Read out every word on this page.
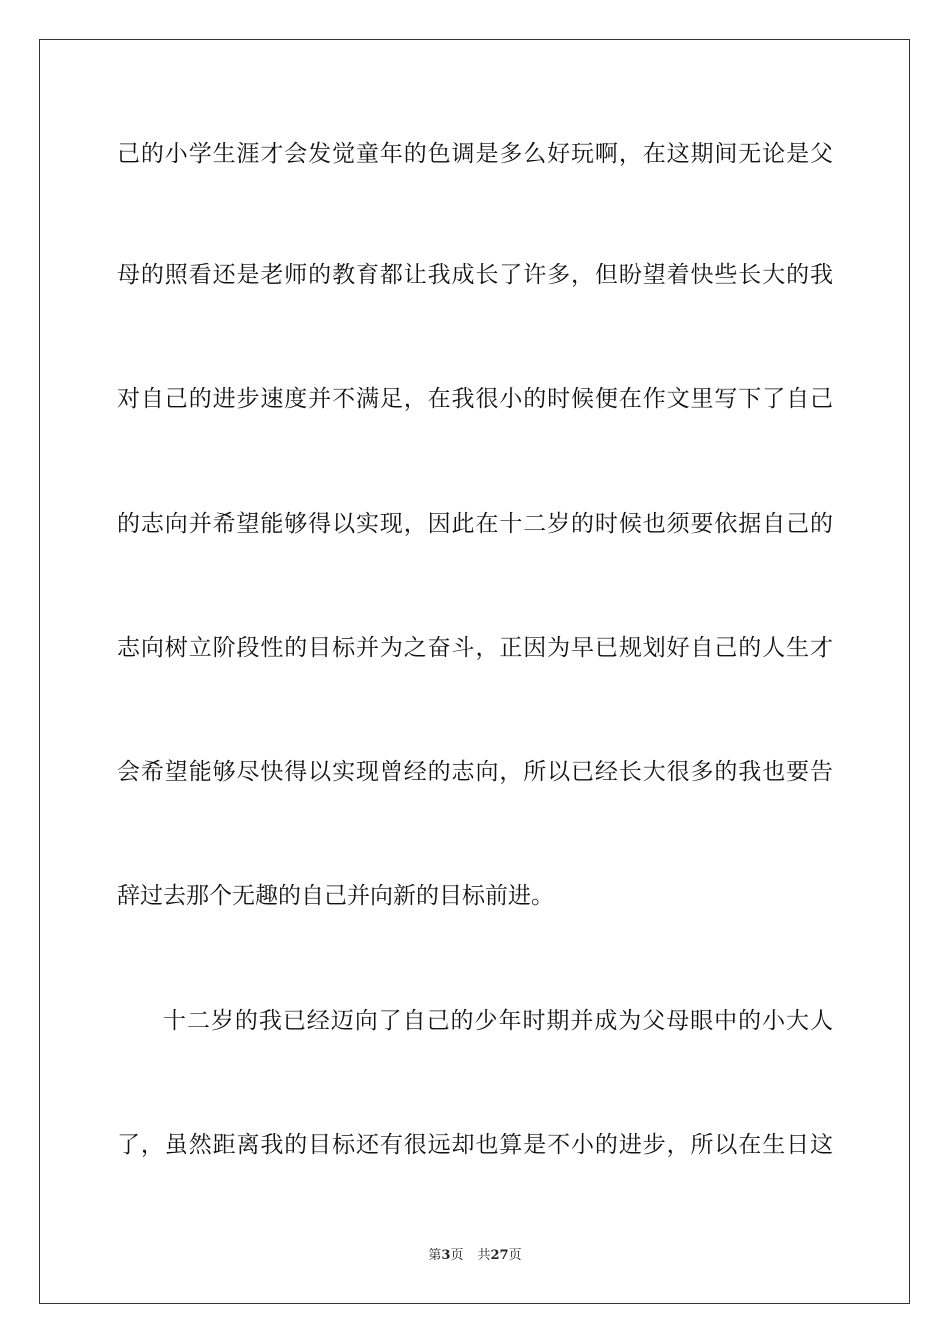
己的小学生涯才会发觉童年的色调是多么好玩啊，在这期间无论是父
母的照看还是老师的教育都让我成长了许多，但盼望着快些长大的我
对自己的进步速度并不满足，在我很小的时候便在作文里写下了自己
的志向并希望能够得以实现，因此在十二岁的时候也须要依据自己的
志向树立阶段性的目标并为之奋斗，正因为早已规划好自己的人生才
会希望能够尽快得以实现曾经的志向，所以已经长大很多的我也要告
辞过去那个无趣的自己并向新的目标前进。
十二岁的我已经迈向了自己的少年时期并成为父母眼中的小大人
了，虽然距离我的目标还有很远却也算是不小的进步，所以在生日这
第3页 共27页
